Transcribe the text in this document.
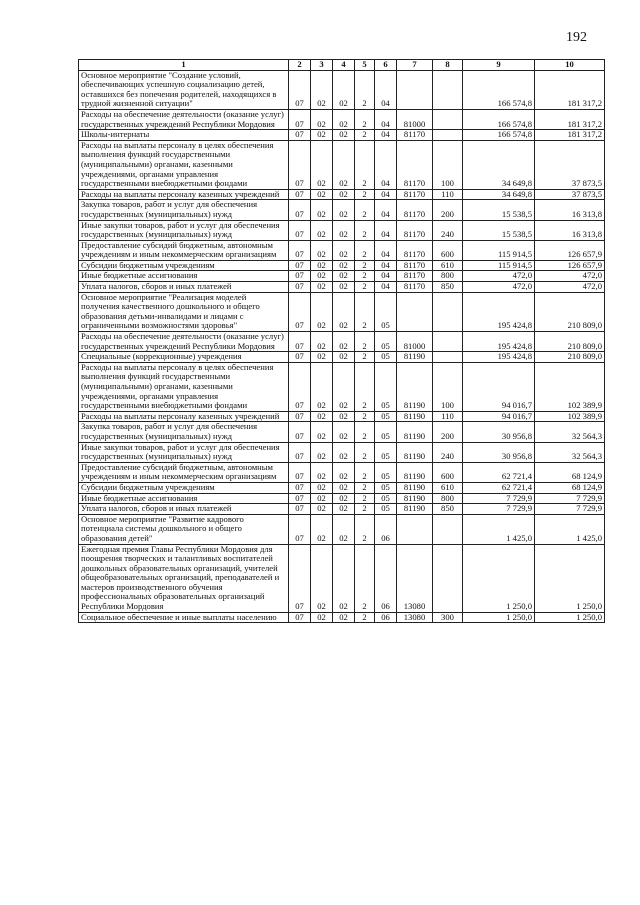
192
1	2	3	4	5	6	7	8	9	10
Основное мероприятие "Создание условий, обеспечивающих успешную социализацию детей, оставшихся без попечения родителей, находящихся в трудной жизненной ситуации"	07	02	02	2	04			166 574,8	181 317,2
Расходы на обеспечение деятельности (оказание услуг) государственных учреждений Республики Мордовия	07	02	02	2	04	81000		166 574,8	181 317,2
Школы-интернаты	07	02	02	2	04	81170		166 574,8	181 317,2
Расходы на выплаты персоналу в целях обеспечения выполнения функций государственными (муниципальными) органами, казенными учреждениями, органами управления государственными внебюджетными фондами	07	02	02	2	04	81170	100	34 649,8	37 873,5
Расходы на выплаты персоналу казенных учреждений	07	02	02	2	04	81170	110	34 649,8	37 873,5
Закупка товаров, работ и услуг для обеспечения государственных (муниципальных) нужд	07	02	02	2	04	81170	200	15 538,5	16 313,8
Иные закупки товаров, работ и услуг для обеспечения государственных (муниципальных) нужд	07	02	02	2	04	81170	240	15 538,5	16 313,8
Предоставление субсидий бюджетным, автономным учреждениям и иным некоммерческим организациям	07	02	02	2	04	81170	600	115 914,5	126 657,9
Субсидии бюджетным учреждениям	07	02	02	2	04	81170	610	115 914,5	126 657,9
Иные бюджетные ассигнования	07	02	02	2	04	81170	800	472,0	472,0
Уплата налогов, сборов и иных платежей	07	02	02	2	04	81170	850	472,0	472,0
Основное мероприятие "Реализация моделей получения качественного дошкольного и общего образования детьми-инвалидами и лицами с ограниченными возможностями здоровья"	07	02	02	2	05			195 424,8	210 809,0
Расходы на обеспечение деятельности (оказание услуг) государственных учреждений Республики Мордовия	07	02	02	2	05	81000		195 424,8	210 809,0
Специальные (коррекционные) учреждения	07	02	02	2	05	81190		195 424,8	210 809,0
Расходы на выплаты персоналу в целях обеспечения выполнения функций государственными (муниципальными) органами, казенными учреждениями, органами управления государственными внебюджетными фондами	07	02	02	2	05	81190	100	94 016,7	102 389,9
Расходы на выплаты персоналу казенных учреждений	07	02	02	2	05	81190	110	94 016,7	102 389,9
Закупка товаров, работ и услуг для обеспечения государственных (муниципальных) нужд	07	02	02	2	05	81190	200	30 956,8	32 564,3
Иные закупки товаров, работ и услуг для обеспечения государственных (муниципальных) нужд	07	02	02	2	05	81190	240	30 956,8	32 564,3
Предоставление субсидий бюджетным, автономным учреждениям и иным некоммерческим организациям	07	02	02	2	05	81190	600	62 721,4	68 124,9
Субсидии бюджетным учреждениям	07	02	02	2	05	81190	610	62 721,4	68 124,9
Иные бюджетные ассигнования	07	02	02	2	05	81190	800	7 729,9	7 729,9
Уплата налогов, сборов и иных платежей	07	02	02	2	05	81190	850	7 729,9	7 729,9
Основное мероприятие "Развитие кадрового потенциала системы дошкольного и общего образования детей"	07	02	02	2	06			1 425,0	1 425,0
Ежегодная премия Главы Республики Мордовия для поощрения творческих и талантливых воспитателей дошкольных образовательных организаций, учителей общеобразовательных организаций, преподавателей и мастеров производственного обучения профессиональных образовательных организаций Республики Мордовия	07	02	02	2	06	13080		1 250,0	1 250,0
Социальное обеспечение и иные выплаты населению	07	02	02	2	06	13080	300	1 250,0	1 250,0
